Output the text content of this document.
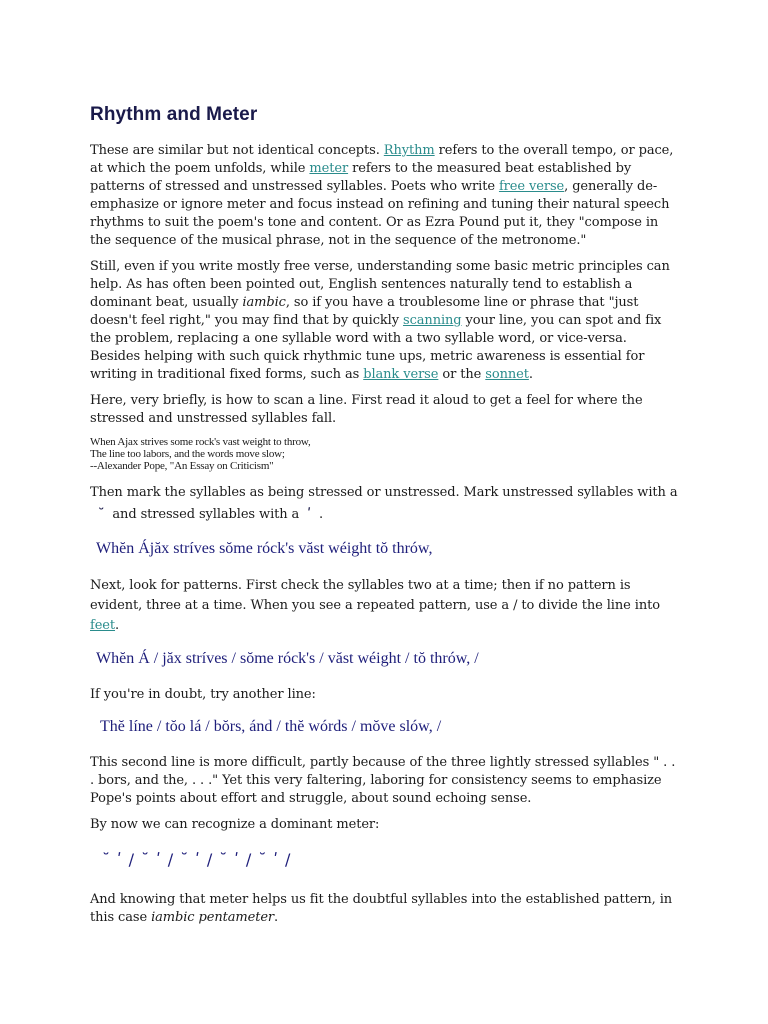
Rhythm and Meter

These are similar but not identical concepts. Rhythm refers to the overall tempo, or pace, at which the poem unfolds, while meter refers to the measured beat established by patterns of stressed and unstressed syllables. Poets who write free verse, generally de-emphasize or ignore meter and focus instead on refining and tuning their natural speech rhythms to suit the poem's tone and content. Or as Ezra Pound put it, they "compose in the sequence of the musical phrase, not in the sequence of the metronome."

Still, even if you write mostly free verse, understanding some basic metric principles can help. As has often been pointed out, English sentences naturally tend to establish a dominant beat, usually iambic, so if you have a troublesome line or phrase that "just doesn't feel right," you may find that by quickly scanning your line, you can spot and fix the problem, replacing a one syllable word with a two syllable word, or vice-versa. Besides helping with such quick rhythmic tune ups, metric awareness is essential for writing in traditional fixed forms, such as blank verse or the sonnet.

Here, very briefly, is how to scan a line. First read it aloud to get a feel for where the stressed and unstressed syllables fall.

When Ajax strives some rock's vast weight to throw,
The line too labors, and the words move slow;
--Alexander Pope, "An Essay on Criticism"

Then mark the syllables as being stressed or unstressed. Mark unstressed syllables with a˘ and stressed syllables with a ʹ .

Whĕn Ájăx stríves sŏme róck's văst wéight tŏ thrów,

Next, look for patterns. First check the syllables two at a time; then if no pattern is evident, three at a time. When you see a repeated pattern, use a / to divide the line into feet.

Whĕn Á / jăx stríves / sŏme róck's / văst wéight / tŏ thrów, /

If you're in doubt, try another line:

Thĕ líne / tŏo lá / bŏrs, ánd / thĕ wórds / mŏve slów, /

This second line is more difficult, partly because of the three lightly stressed syllables " . . . bors, and the, . . ." Yet this very faltering, laboring for consistency seems to emphasize Pope's points about effort and struggle, about sound echoing sense.

By now we can recognize a dominant meter:

˘ ʹ / ˘ ʹ / ˘ ʹ / ˘ ʹ / ˘ ʹ /

And knowing that meter helps us fit the doubtful syllables into the established pattern, in this case iambic pentameter.
